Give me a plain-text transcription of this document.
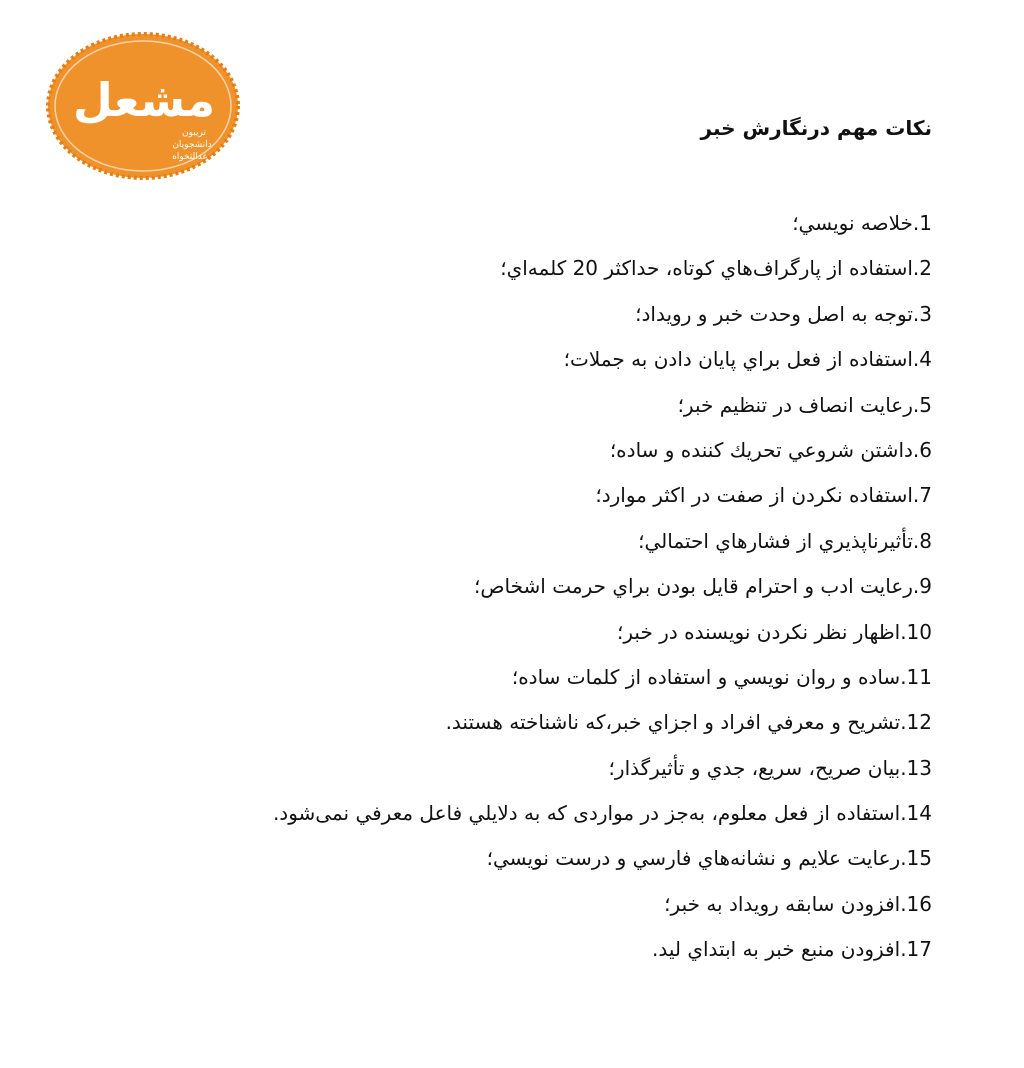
مشعل
تریبون
دانشجویان
عدالتخواه
نکات مهم درنگارش خبر
1.خلاصه نويسي؛
2.استفاده از پارگراف‌هاي كوتاه، حداكثر 20 كلمه‌اي؛
3.توجه به اصل وحدت خبر و رويداد؛
4.استفاده از فعل براي پايان دادن به جملات؛
5.رعايت انصاف در تنظيم خبر؛
6.داشتن شروعي تحريك كننده و ساده؛
7.استفاده نكردن از صفت در اكثر موارد؛
8.تأثيرناپذيري از فشارهاي احتمالي؛
9.رعايت ادب و احترام قايل بودن براي حرمت اشخاص؛
10.اظهار نظر نكردن نويسنده در خبر؛
11.ساده و روان نويسي و استفاده از كلمات ساده؛
12.تشريح و معرفي افراد و اجزاي خبر،كه ناشناخته هستند.
13.بيان صريح، سريع، جدي و تأثيرگذار؛
14.استفاده از فعل معلوم، به‌جز در مواردی كه به دلايلي فاعل معرفي نمی‌شود.
15.رعايت علايم و نشانه‌هاي فارسي و درست نويسي؛
16.افزودن سابقه رويداد به خبر؛
17.افزودن منبع خبر به ابتداي ليد.
